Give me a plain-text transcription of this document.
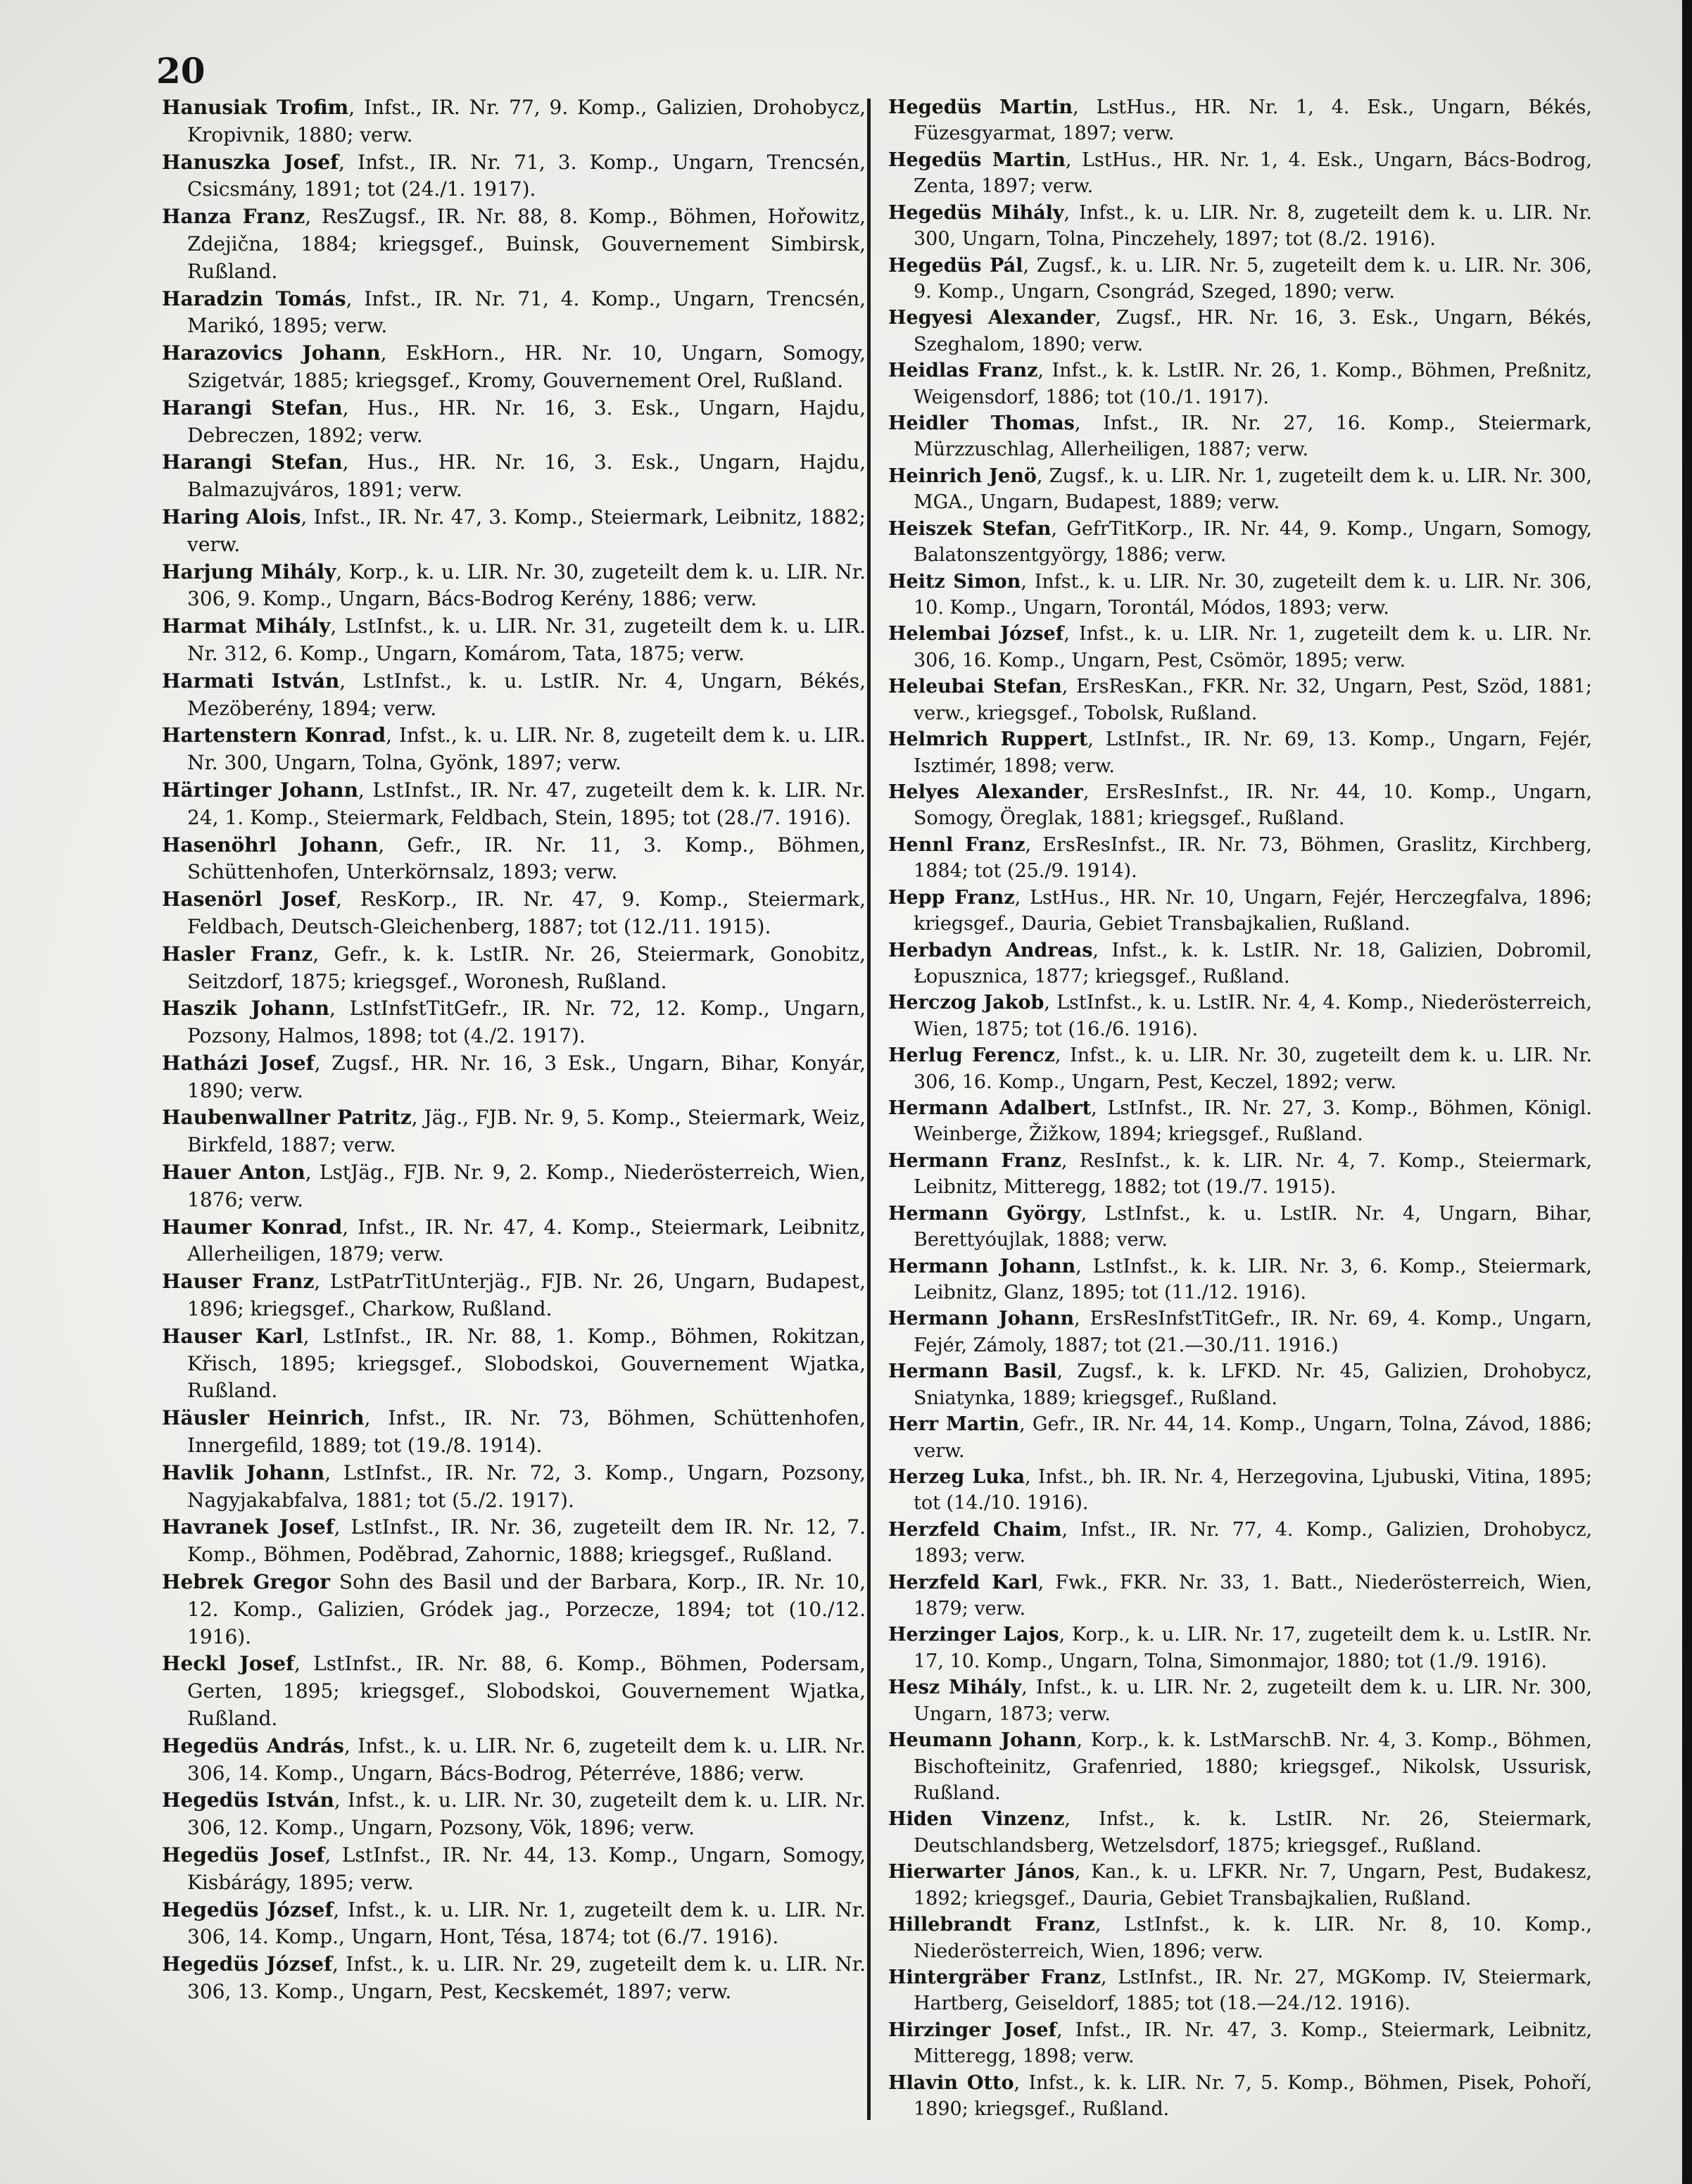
20

Hanusiak Trofim, Infst., IR. Nr. 77, 9. Komp., Galizien, Drohobycz, Kropivnik, 1880; verw.

Hanuszka Josef, Infst., IR. Nr. 71, 3. Komp., Ungarn, Trencsén, Csicsmány, 1891; tot (24./1. 1917).

Hanza Franz, ResZugsf., IR. Nr. 88, 8. Komp., Böhmen, Hořowitz, Zdejična, 1884; kriegsgef., Buinsk, Gouvernement Simbirsk, Rußland.

Haradzin Tomás, Infst., IR. Nr. 71, 4. Komp., Ungarn, Trencsén, Marikó, 1895; verw.

Harazovics Johann, EskHorn., HR. Nr. 10, Ungarn, Somogy, Szigetvár, 1885; kriegsgef., Kromy, Gouvernement Orel, Rußland.

Harangi Stefan, Hus., HR. Nr. 16, 3. Esk., Ungarn, Hajdu, Debreczen, 1892; verw.

Harangi Stefan, Hus., HR. Nr. 16, 3. Esk., Ungarn, Hajdu, Balmazujváros, 1891; verw.

Haring Alois, Infst., IR. Nr. 47, 3. Komp., Steiermark, Leibnitz, 1882; verw.

Harjung Mihály, Korp., k. u. LIR. Nr. 30, zugeteilt dem k. u. LIR. Nr. 306, 9. Komp., Ungarn, Bács-Bodrog Kerény, 1886; verw.

Harmat Mihály, LstInfst., k. u. LIR. Nr. 31, zugeteilt dem k. u. LIR. Nr. 312, 6. Komp., Ungarn, Komárom, Tata, 1875; verw.

Harmati István, LstInfst., k. u. LstIR. Nr. 4, Ungarn, Békés, Mezöberény, 1894; verw.

Hartenstern Konrad, Infst., k. u. LIR. Nr. 8, zugeteilt dem k. u. LIR. Nr. 300, Ungarn, Tolna, Gyönk, 1897; verw.

Härtinger Johann, LstInfst., IR. Nr. 47, zugeteilt dem k. k. LIR. Nr. 24, 1. Komp., Steiermark, Feldbach, Stein, 1895; tot (28./7. 1916).

Hasenöhrl Johann, Gefr., IR. Nr. 11, 3. Komp., Böhmen, Schüttenhofen, Unterkörnsalz, 1893; verw.

Hasenörl Josef, ResKorp., IR. Nr. 47, 9. Komp., Steiermark, Feldbach, Deutsch-Gleichenberg, 1887; tot (12./11. 1915).

Hasler Franz, Gefr., k. k. LstIR. Nr. 26, Steiermark, Gonobitz, Seitzdorf, 1875; kriegsgef., Woronesh, Rußland.

Haszik Johann, LstInfstTitGefr., IR. Nr. 72, 12. Komp., Ungarn, Pozsony, Halmos, 1898; tot (4./2. 1917).

Hatházi Josef, Zugsf., HR. Nr. 16, 3 Esk., Ungarn, Bihar, Konyár, 1890; verw.

Haubenwallner Patritz, Jäg., FJB. Nr. 9, 5. Komp., Steiermark, Weiz, Birkfeld, 1887; verw.

Hauer Anton, LstJäg., FJB. Nr. 9, 2. Komp., Niederösterreich, Wien, 1876; verw.

Haumer Konrad, Infst., IR. Nr. 47, 4. Komp., Steiermark, Leibnitz, Allerheiligen, 1879; verw.

Hauser Franz, LstPatrTitUnterjäg., FJB. Nr. 26, Ungarn, Budapest, 1896; kriegsgef., Charkow, Rußland.

Hauser Karl, LstInfst., IR. Nr. 88, 1. Komp., Böhmen, Rokitzan, Křisch, 1895; kriegsgef., Slobodskoi, Gouvernement Wjatka, Rußland.

Häusler Heinrich, Infst., IR. Nr. 73, Böhmen, Schüttenhofen, Innergefild, 1889; tot (19./8. 1914).

Havlik Johann, LstInfst., IR. Nr. 72, 3. Komp., Ungarn, Pozsony, Nagyjakabfalva, 1881; tot (5./2. 1917).

Havranek Josef, LstInfst., IR. Nr. 36, zugeteilt dem IR. Nr. 12, 7. Komp., Böhmen, Poděbrad, Zahornic, 1888; kriegsgef., Rußland.

Hebrek Gregor Sohn des Basil und der Barbara, Korp., IR. Nr. 10, 12. Komp., Galizien, Gródek jag., Porzecze, 1894; tot (10./12. 1916).

Heckl Josef, LstInfst., IR. Nr. 88, 6. Komp., Böhmen, Podersam, Gerten, 1895; kriegsgef., Slobodskoi, Gouvernement Wjatka, Rußland.

Hegedüs András, Infst., k. u. LIR. Nr. 6, zugeteilt dem k. u. LIR. Nr. 306, 14. Komp., Ungarn, Bács-Bodrog, Péterréve, 1886; verw.

Hegedüs István, Infst., k. u. LIR. Nr. 30, zugeteilt dem k. u. LIR. Nr. 306, 12. Komp., Ungarn, Pozsony, Vök, 1896; verw.

Hegedüs Josef, LstInfst., IR. Nr. 44, 13. Komp., Ungarn, Somogy, Kisbárágy, 1895; verw.

Hegedüs József, Infst., k. u. LIR. Nr. 1, zugeteilt dem k. u. LIR. Nr. 306, 14. Komp., Ungarn, Hont, Tésa, 1874; tot (6./7. 1916).

Hegedüs József, Infst., k. u. LIR. Nr. 29, zugeteilt dem k. u. LIR. Nr. 306, 13. Komp., Ungarn, Pest, Kecskemét, 1897; verw.

Hegedüs Martin, LstHus., HR. Nr. 1, 4. Esk., Ungarn, Békés, Füzesgyarmat, 1897; verw.

Hegedüs Martin, LstHus., HR. Nr. 1, 4. Esk., Ungarn, Bács-Bodrog, Zenta, 1897; verw.

Hegedüs Mihály, Infst., k. u. LIR. Nr. 8, zugeteilt dem k. u. LIR. Nr. 300, Ungarn, Tolna, Pinczehely, 1897; tot (8./2. 1916).

Hegedüs Pál, Zugsf., k. u. LIR. Nr. 5, zugeteilt dem k. u. LIR. Nr. 306, 9. Komp., Ungarn, Csongrád, Szeged, 1890; verw.

Hegyesi Alexander, Zugsf., HR. Nr. 16, 3. Esk., Ungarn, Békés, Szeghalom, 1890; verw.

Heidlas Franz, Infst., k. k. LstIR. Nr. 26, 1. Komp., Böhmen, Preßnitz, Weigensdorf, 1886; tot (10./1. 1917).

Heidler Thomas, Infst., IR. Nr. 27, 16. Komp., Steiermark, Mürzzuschlag, Allerheiligen, 1887; verw.

Heinrich Jenö, Zugsf., k. u. LIR. Nr. 1, zugeteilt dem k. u. LIR. Nr. 300, MGA., Ungarn, Budapest, 1889; verw.

Heiszek Stefan, GefrTitKorp., IR. Nr. 44, 9. Komp., Ungarn, Somogy, Balatonszentgyörgy, 1886; verw.

Heitz Simon, Infst., k. u. LIR. Nr. 30, zugeteilt dem k. u. LIR. Nr. 306, 10. Komp., Ungarn, Torontál, Módos, 1893; verw.

Helembai József, Infst., k. u. LIR. Nr. 1, zugeteilt dem k. u. LIR. Nr. 306, 16. Komp., Ungarn, Pest, Csömör, 1895; verw.

Heleubai Stefan, ErsResKan., FKR. Nr. 32, Ungarn, Pest, Szöd, 1881; verw., kriegsgef., Tobolsk, Rußland.

Helmrich Ruppert, LstInfst., IR. Nr. 69, 13. Komp., Ungarn, Fejér, Isztimér, 1898; verw.

Helyes Alexander, ErsResInfst., IR. Nr. 44, 10. Komp., Ungarn, Somogy, Öreglak, 1881; kriegsgef., Rußland.

Hennl Franz, ErsResInfst., IR. Nr. 73, Böhmen, Graslitz, Kirchberg, 1884; tot (25./9. 1914).

Hepp Franz, LstHus., HR. Nr. 10, Ungarn, Fejér, Herczegfalva, 1896; kriegsgef., Dauria, Gebiet Transbajkalien, Rußland.

Herbadyn Andreas, Infst., k. k. LstIR. Nr. 18, Galizien, Dobromil, Łopusznica, 1877; kriegsgef., Rußland.

Herczog Jakob, LstInfst., k. u. LstIR. Nr. 4, 4. Komp., Niederösterreich, Wien, 1875; tot (16./6. 1916).

Herlug Ferencz, Infst., k. u. LIR. Nr. 30, zugeteilt dem k. u. LIR. Nr. 306, 16. Komp., Ungarn, Pest, Keczel, 1892; verw.

Hermann Adalbert, LstInfst., IR. Nr. 27, 3. Komp., Böhmen, Königl. Weinberge, Žižkow, 1894; kriegsgef., Rußland.

Hermann Franz, ResInfst., k. k. LIR. Nr. 4, 7. Komp., Steiermark, Leibnitz, Mitteregg, 1882; tot (19./7. 1915).

Hermann György, LstInfst., k. u. LstIR. Nr. 4, Ungarn, Bihar, Berettyóujlak, 1888; verw.

Hermann Johann, LstInfst., k. k. LIR. Nr. 3, 6. Komp., Steiermark, Leibnitz, Glanz, 1895; tot (11./12. 1916).

Hermann Johann, ErsResInfstTitGefr., IR. Nr. 69, 4. Komp., Ungarn, Fejér, Zámoly, 1887; tot (21.—30./11. 1916.)

Hermann Basil, Zugsf., k. k. LFKD. Nr. 45, Galizien, Drohobycz, Sniatynka, 1889; kriegsgef., Rußland.

Herr Martin, Gefr., IR. Nr. 44, 14. Komp., Ungarn, Tolna, Závod, 1886; verw.

Herzeg Luka, Infst., bh. IR. Nr. 4, Herzegovina, Ljubuski, Vitina, 1895; tot (14./10. 1916).

Herzfeld Chaim, Infst., IR. Nr. 77, 4. Komp., Galizien, Drohobycz, 1893; verw.

Herzfeld Karl, Fwk., FKR. Nr. 33, 1. Batt., Niederösterreich, Wien, 1879; verw.

Herzinger Lajos, Korp., k. u. LIR. Nr. 17, zugeteilt dem k. u. LstIR. Nr. 17, 10. Komp., Ungarn, Tolna, Simonmajor, 1880; tot (1./9. 1916).

Hesz Mihály, Infst., k. u. LIR. Nr. 2, zugeteilt dem k. u. LIR. Nr. 300, Ungarn, 1873; verw.

Heumann Johann, Korp., k. k. LstMarschB. Nr. 4, 3. Komp., Böhmen, Bischofteinitz, Grafenried, 1880; kriegsgef., Nikolsk, Ussurisk, Rußland.

Hiden Vinzenz, Infst., k. k. LstIR. Nr. 26, Steiermark, Deutschlandsberg, Wetzelsdorf, 1875; kriegsgef., Rußland.

Hierwarter János, Kan., k. u. LFKR. Nr. 7, Ungarn, Pest, Budakesz, 1892; kriegsgef., Dauria, Gebiet Transbajkalien, Rußland.

Hillebrandt Franz, LstInfst., k. k. LIR. Nr. 8, 10. Komp., Niederösterreich, Wien, 1896; verw.

Hintergräber Franz, LstInfst., IR. Nr. 27, MGKomp. IV, Steiermark, Hartberg, Geiseldorf, 1885; tot (18.—24./12. 1916).

Hirzinger Josef, Infst., IR. Nr. 47, 3. Komp., Steiermark, Leibnitz, Mitteregg, 1898; verw.

Hlavin Otto, Infst., k. k. LIR. Nr. 7, 5. Komp., Böhmen, Pisek, Pohoří, 1890; kriegsgef., Rußland.
